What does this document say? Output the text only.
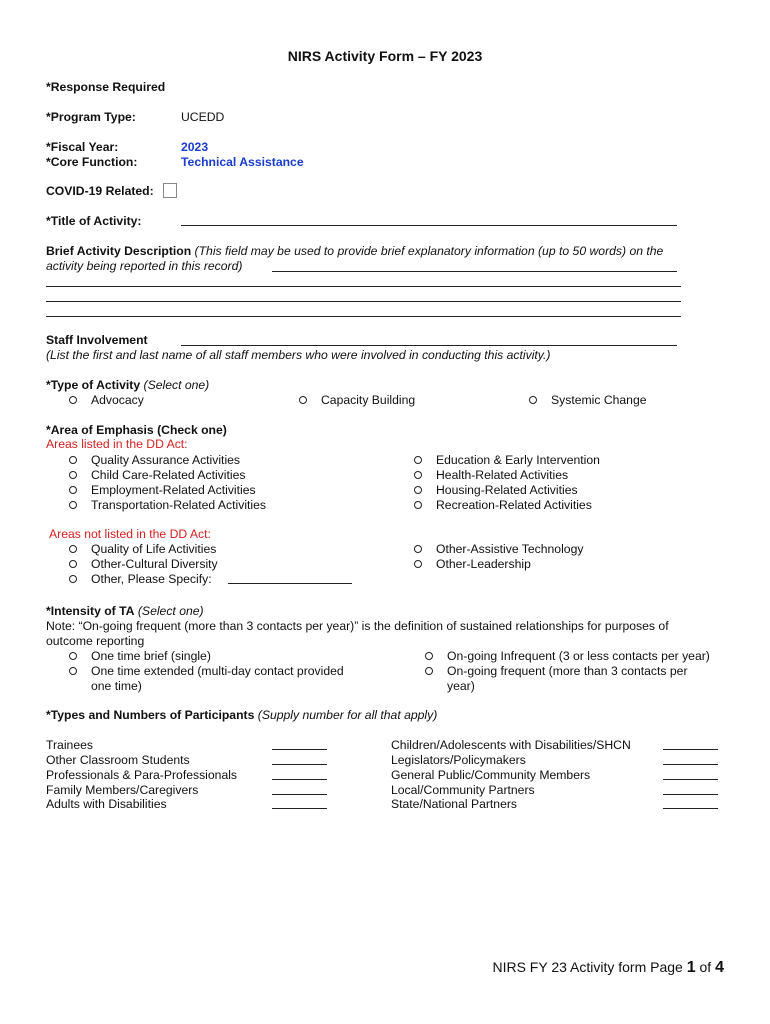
NIRS Activity Form – FY 2023
*Response Required
*Program Type:	UCEDD
*Fiscal Year:	2023
*Core Function:	Technical Assistance
COVID-19 Related:
*Title of Activity:
Brief Activity Description (This field may be used to provide brief explanatory information (up to 50 words) on the
activity being reported in this record)
Staff Involvement
(List the first and last name of all staff members who were involved in conducting this activity.)
*Type of Activity (Select one)
Advocacy	Capacity Building	Systemic Change
*Area of Emphasis (Check one)
Areas listed in the DD Act:
Quality Assurance Activities
Child Care-Related Activities
Employment-Related Activities
Transportation-Related Activities
Education & Early Intervention
Health-Related Activities
Housing-Related Activities
Recreation-Related Activities
Areas not listed in the DD Act:
Quality of Life Activities
Other-Cultural Diversity
Other, Please Specify:
Other-Assistive Technology
Other-Leadership
*Intensity of TA (Select one)
Note: “On-going frequent (more than 3 contacts per year)” is the definition of sustained relationships for purposes of
outcome reporting
One time brief (single)
One time extended (multi-day contact provided
one time)
On-going Infrequent (3 or less contacts per year)
On-going frequent (more than 3 contacts per
year)
*Types and Numbers of Participants (Supply number for all that apply)
Trainees
Other Classroom Students
Professionals & Para-Professionals
Family Members/Caregivers
Adults with Disabilities
Children/Adolescents with Disabilities/SHCN
Legislators/Policymakers
General Public/Community Members
Local/Community Partners
State/National Partners
NIRS FY 23 Activity form Page 1 of 4
